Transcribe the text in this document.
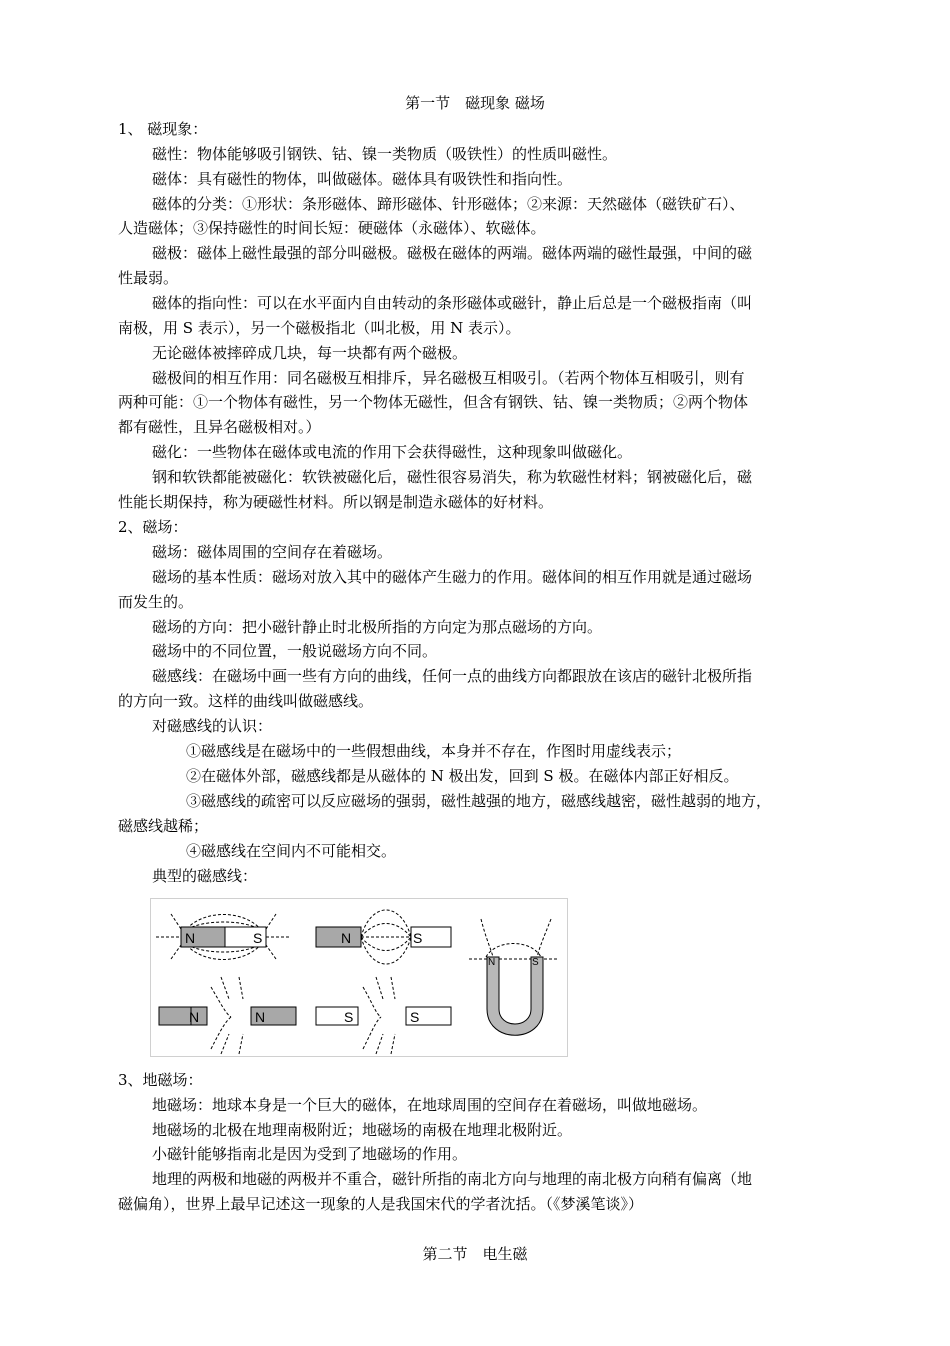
第一节　磁现象 磁场
1、 磁现象：
磁性：物体能够吸引钢铁、钴、镍一类物质（吸铁性）的性质叫磁性。
磁体：具有磁性的物体，叫做磁体。磁体具有吸铁性和指向性。
磁体的分类：①形状：条形磁体、蹄形磁体、针形磁体；②来源：天然磁体（磁铁矿石）、
人造磁体；③保持磁性的时间长短：硬磁体（永磁体）、软磁体。
磁极：磁体上磁性最强的部分叫磁极。磁极在磁体的两端。磁体两端的磁性最强，中间的磁
性最弱。
磁体的指向性：可以在水平面内自由转动的条形磁体或磁针，静止后总是一个磁极指南（叫
南极，用 S 表示），另一个磁极指北（叫北极，用 N 表示）。
无论磁体被摔碎成几块，每一块都有两个磁极。
磁极间的相互作用：同名磁极互相排斥，异名磁极互相吸引。（若两个物体互相吸引，则有
两种可能：①一个物体有磁性，另一个物体无磁性，但含有钢铁、钴、镍一类物质；②两个物体
都有磁性，且异名磁极相对。）
磁化：一些物体在磁体或电流的作用下会获得磁性，这种现象叫做磁化。
钢和软铁都能被磁化：软铁被磁化后，磁性很容易消失，称为软磁性材料；钢被磁化后，磁
性能长期保持，称为硬磁性材料。所以钢是制造永磁体的好材料。
2、磁场：
磁场：磁体周围的空间存在着磁场。
磁场的基本性质：磁场对放入其中的磁体产生磁力的作用。磁体间的相互作用就是通过磁场
而发生的。
磁场的方向：把小磁针静止时北极所指的方向定为那点磁场的方向。
磁场中的不同位置，一般说磁场方向不同。
磁感线：在磁场中画一些有方向的曲线，任何一点的曲线方向都跟放在该店的磁针北极所指
的方向一致。这样的曲线叫做磁感线。
对磁感线的认识：
①磁感线是在磁场中的一些假想曲线，本身并不存在，作图时用虚线表示；
②在磁体外部，磁感线都是从磁体的 N 极出发，回到 S 极。在磁体内部正好相反。
③磁感线的疏密可以反应磁场的强弱，磁性越强的地方，磁感线越密，磁性越弱的地方，
磁感线越稀；
④磁感线在空间内不可能相交。
典型的磁感线：
N	S	N	S
N	N	S	S
N	S
3、地磁场：
地磁场：地球本身是一个巨大的磁体，在地球周围的空间存在着磁场，叫做地磁场。
地磁场的北极在地理南极附近；地磁场的南极在地理北极附近。
小磁针能够指南北是因为受到了地磁场的作用。
地理的两极和地磁的两极并不重合，磁针所指的南北方向与地理的南北极方向稍有偏离（地
磁偏角），世界上最早记述这一现象的人是我国宋代的学者沈括。（《梦溪笔谈》）
第二节　电生磁
